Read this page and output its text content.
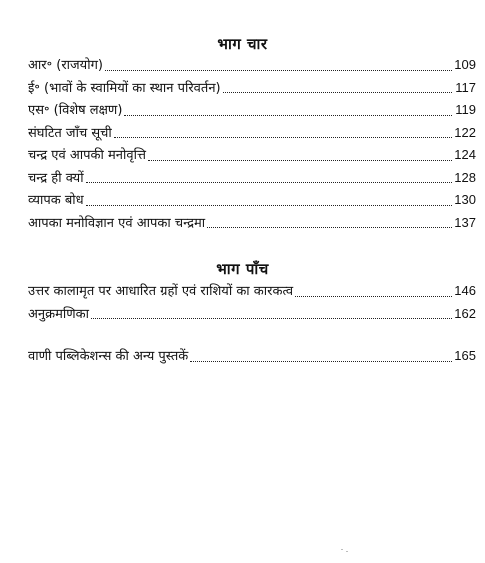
भाग चार
आर॰ (राजयोग)	109
ई॰ (भावों के स्वामियों का स्थान परिवर्तन)	117
एस॰ (विशेष लक्षण)	119
संघटित जाँच सूची	122
चन्द्र एवं आपकी मनोवृत्ति	124
चन्द्र ही क्यों	128
व्यापक बोध	130
आपका मनोविज्ञान एवं आपका चन्द्रमा	137
भाग पाँच
उत्तर कालामृत पर आधारित ग्रहों एवं राशियों का कारकत्व	146
अनुक्रमणिका	162
वाणी पब्लिकेशन्स की अन्य पुस्तकें	165
